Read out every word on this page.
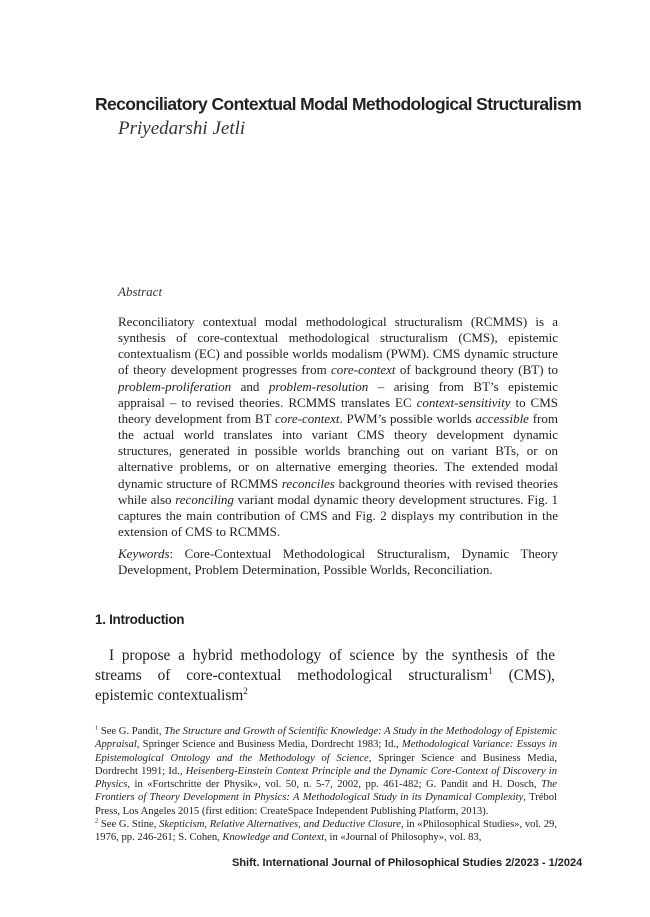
Reconciliatory Contextual Modal Methodological Structuralism
Priyedarshi Jetli
Abstract
Reconciliatory contextual modal methodological structuralism (RCMMS) is a synthesis of core-contextual methodological structuralism (CMS), epistemic contextualism (EC) and possible worlds modalism (PWM). CMS dynamic structure of theory development progresses from core-context of background theory (BT) to problem-proliferation and problem-resolution – arising from BT’s epistemic appraisal – to revised theories. RCMMS translates EC context-sensitivity to CMS theory development from BT core-context. PWM’s possible worlds accessible from the actual world translates into variant CMS theory development dynamic structures, generated in possible worlds branching out on variant BTs, or on alternative problems, or on alternative emerging theories. The extended modal dynamic structure of RCMMS reconciles background theories with revised theories while also reconciling variant modal dynamic theory development structures. Fig. 1 captures the main contribution of CMS and Fig. 2 displays my contribution in the extension of CMS to RCMMS.
Keywords: Core-Contextual Methodological Structuralism, Dynamic Theory Development, Problem Determination, Possible Worlds, Reconciliation.
1. Introduction
I propose a hybrid methodology of science by the synthesis of the streams of core-contextual methodological structuralism$^1$ (CMS), epistemic contextualism$^2$
$^1$ See G. Pandit, The Structure and Growth of Scientific Knowledge: A Study in the Methodology of Epistemic Appraisal, Springer Science and Business Media, Dordrecht 1983; Id., Methodological Variance: Essays in Epistemological Ontology and the Methodology of Science, Springer Science and Business Media, Dordrecht 1991; Id., Heisenberg-Einstein Context Principle and the Dynamic Core-Context of Discovery in Physics, in «Fortschritte der Physik», vol. 50, n. 5-7, 2002, pp. 461-482; G. Pandit and H. Dosch, The Frontiers of Theory Development in Physics: A Methodological Study in its Dynamical Complexity, Trébol Press, Los Angeles 2015 (first edition: CreateSpace Independent Publishing Platform, 2013).
$^2$ See G. Stine, Skepticism, Relative Alternatives, and Deductive Closure, in «Philosophical Studies», vol. 29, 1976, pp. 246-261; S. Cohen, Knowledge and Context, in «Journal of Philosophy», vol. 83,
Shift. International Journal of Philosophical Studies 2/2023 - 1/2024
